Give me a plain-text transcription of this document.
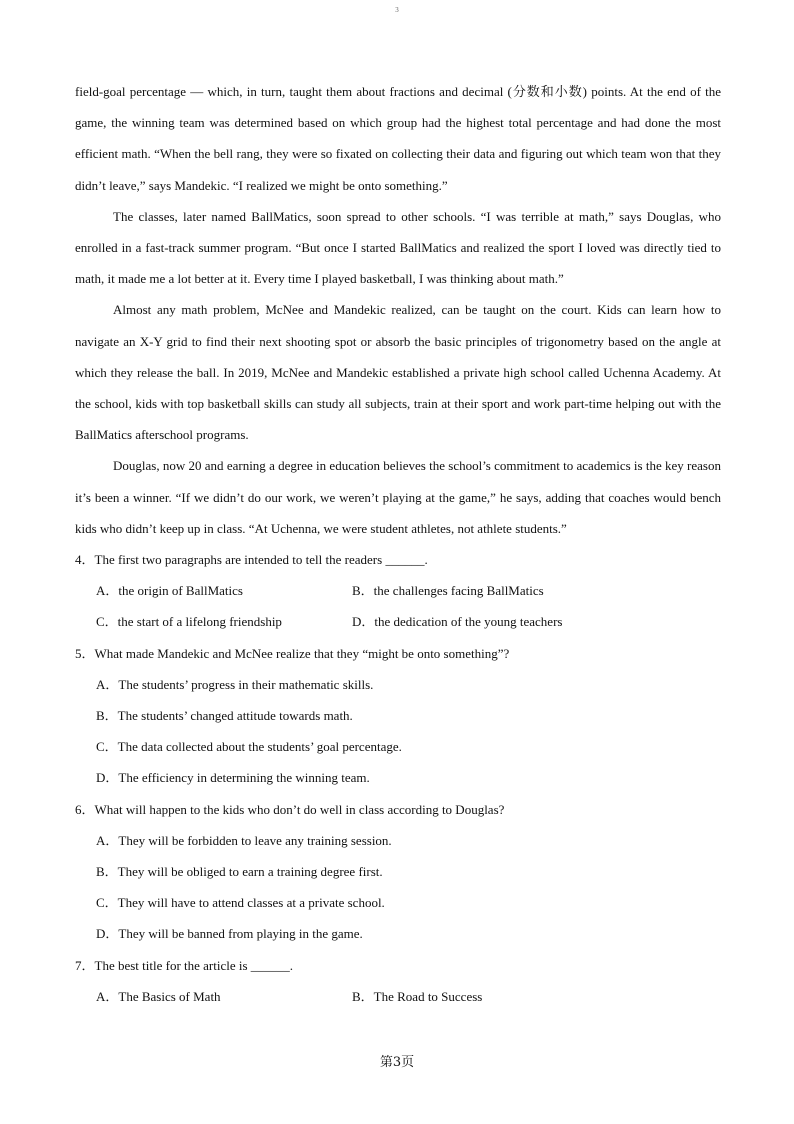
3

field-goal percentage — which, in turn, taught them about fractions and decimal (分数和小数) points. At the end of the game, the winning team was determined based on which group had the highest total percentage and had done the most efficient math. “When the bell rang, they were so fixated on collecting their data and figuring out which team won that they didn’t leave,” says Mandekic. “I realized we might be onto something.”

The classes, later named BallMatics, soon spread to other schools. “I was terrible at math,” says Douglas, who enrolled in a fast-track summer program. “But once I started BallMatics and realized the sport I loved was directly tied to math, it made me a lot better at it. Every time I played basketball, I was thinking about math.”

Almost any math problem, McNee and Mandekic realized, can be taught on the court. Kids can learn how to navigate an X-Y grid to find their next shooting spot or absorb the basic principles of trigonometry based on the angle at which they release the ball. In 2019, McNee and Mandekic established a private high school called Uchenna Academy. At the school, kids with top basketball skills can study all subjects, train at their sport and work part-time helping out with the BallMatics afterschool programs.

Douglas, now 20 and earning a degree in education believes the school’s commitment to academics is the key reason it’s been a winner. “If we didn’t do our work, we weren’t playing at the game,” he says, adding that coaches would bench kids who didn’t keep up in class. “At Uchenna, we were student athletes, not athlete students.”

4．The first two paragraphs are intended to tell the readers ______.

A．the origin of BallMatics	B．the challenges facing BallMatics
C．the start of a lifelong friendship	D．the dedication of the young teachers

5．What made Mandekic and McNee realize that they “might be onto something”?

A．The students’ progress in their mathematic skills.

B．The students’ changed attitude towards math.

C．The data collected about the students’ goal percentage.

D．The efficiency in determining the winning team.

6．What will happen to the kids who don’t do well in class according to Douglas?

A．They will be forbidden to leave any training session.

B．They will be obliged to earn a training degree first.

C．They will have to attend classes at a private school.

D．They will be banned from playing in the game.

7．The best title for the article is ______.

A．The Basics of Math	B．The Road to Success
第3页
